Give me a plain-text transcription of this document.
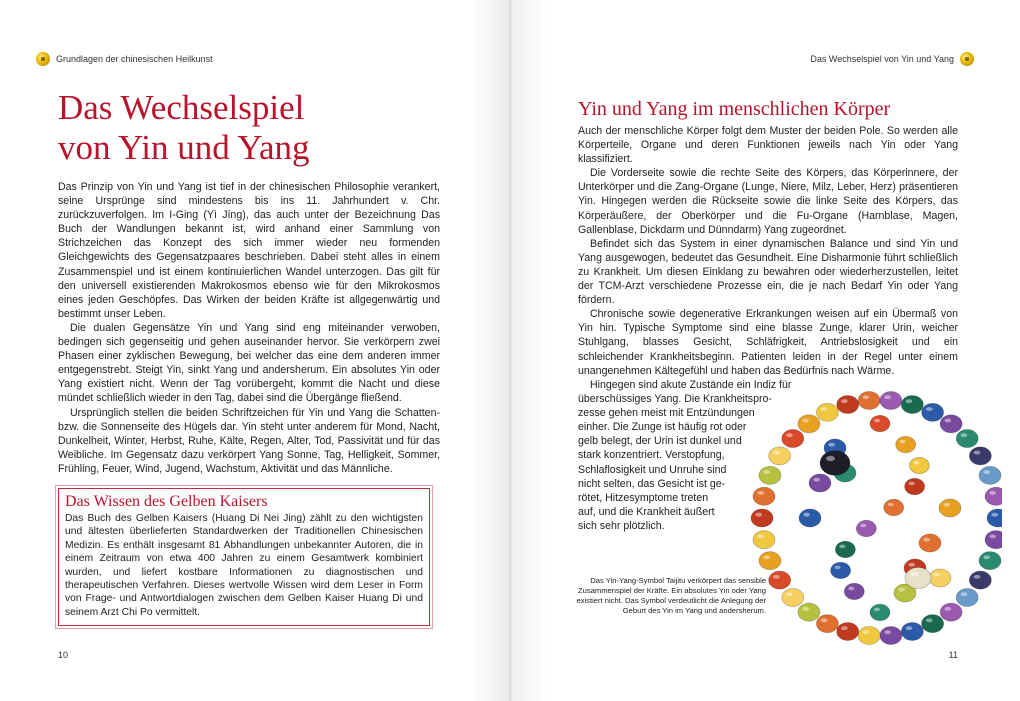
Grundlagen der chinesischen Heilkunst
Das Wechselspiel
von Yin und Yang

Das Prinzip von Yin und Yang ist tief in der chinesischen Philosophie verankert, seine Ursprünge sind mindestens bis ins 11. Jahrhundert v. Chr. zurückzuverfolgen. Im I-Ging (Yì Jīng), das auch unter der Bezeichnung Das Buch der Wandlungen bekannt ist, wird anhand einer Sammlung von Strichzeichen das Konzept des sich immer wieder neu formenden Gleichgewichts des Gegensatzpaares beschrieben. Dabei steht alles in einem Zusammenspiel und ist einem kontinuierlichen Wandel unterzogen. Das gilt für den universell existierenden Makrokosmos ebenso wie für den Mikrokosmos eines jeden Geschöpfes. Das Wirken der beiden Kräfte ist allgegenwärtig und bestimmt unser Leben.

Die dualen Gegensätze Yin und Yang sind eng miteinander verwoben, bedingen sich gegenseitig und gehen auseinander hervor. Sie verkörpern zwei Phasen einer zyklischen Bewegung, bei welcher das eine dem anderen immer entgegenstrebt. Steigt Yin, sinkt Yang und andersherum. Ein absolutes Yin oder Yang existiert nicht. Wenn der Tag vorübergeht, kommt die Nacht und diese mündet schließlich wieder in den Tag, dabei sind die Übergänge fließend.

Ursprünglich stellen die beiden Schriftzeichen für Yin und Yang die Schatten- bzw. die Sonnenseite des Hügels dar. Yin steht unter anderem für Mond, Nacht, Dunkelheit, Winter, Herbst, Ruhe, Kälte, Regen, Alter, Tod, Passivität und für das Weibliche. Im Gegensatz dazu verkörpert Yang Sonne, Tag, Helligkeit, Sommer, Frühling, Feuer, Wind, Jugend, Wachstum, Aktivität und das Männliche.

Das Wissen des Gelben Kaisers

Das Buch des Gelben Kaisers (Huang Di Nei Jing) zählt zu den wichtigsten und ältesten überlieferten Standardwerken der Traditionellen Chinesischen Medizin. Es enthält insgesamt 81 Abhandlungen unbekannter Autoren, die in einem Zeitraum von etwa 400 Jahren zu einem Gesamtwerk kombiniert wurden, und liefert kostbare Informationen zu diagnostischen und therapeutischen Verfahren. Dieses wertvolle Wissen wird dem Leser in Form von Frage- und Antwortdialogen zwischen dem Gelben Kaiser Huang Di und seinem Arzt Chi Po vermittelt.

10
Das Wechselspiel von Yin und Yang
Yin und Yang im menschlichen Körper

Auch der menschliche Körper folgt dem Muster der beiden Pole. So werden alle Körperteile, Organe und deren Funktionen jeweils nach Yin oder Yang klassifiziert.

Die Vorderseite sowie die rechte Seite des Körpers, das Körperinnere, der Unterkörper und die Zang-Organe (Lunge, Niere, Milz, Leber, Herz) präsentieren Yin. Hingegen werden die Rückseite sowie die linke Seite des Körpers, das Körperäußere, der Oberkörper und die Fu-Organe (Harnblase, Magen, Gallenblase, Dickdarm und Dünndarm) Yang zugeordnet.

Befindet sich das System in einer dynamischen Balance und sind Yin und Yang ausgewogen, bedeutet das Gesundheit. Eine Disharmonie führt schließlich zu Krankheit. Um diesen Einklang zu bewahren oder wiederherzustellen, leitet der TCM-Arzt verschiedene Prozesse ein, die je nach Bedarf Yin oder Yang fördern.

Chronische sowie degenerative Erkrankungen weisen auf ein Übermaß von Yin hin. Typische Symptome sind eine blasse Zunge, klarer Urin, weicher Stuhlgang, blasses Gesicht, Schläfrigkeit, Antriebslosigkeit und ein schleichender Krankheitsbeginn. Patienten leiden in der Regel unter einem unangenehmen Kältegefühl und haben das Bedürfnis nach Wärme.

Hingegen sind akute Zustände ein Indiz für
überschüssiges Yang. Die Krankheitspro-
zesse gehen meist mit Entzündungen
einher. Die Zunge ist häufig rot oder
gelb belegt, der Urin ist dunkel und
stark konzentriert. Verstopfung,
Schlaflosigkeit und Unruhe sind
nicht selten, das Gesicht ist ge-
rötet, Hitzesymptome treten
auf, und die Krankheit äußert
sich sehr plötzlich.

Das Yin-Yang-Symbol Taijitu verkörpert das sensible Zusammenspiel der Kräfte. Ein absolutes Yin oder Yang existiert nicht. Das Symbol verdeutlicht die Anlegung der Geburt des Yin im Yang und andersherum.
11
